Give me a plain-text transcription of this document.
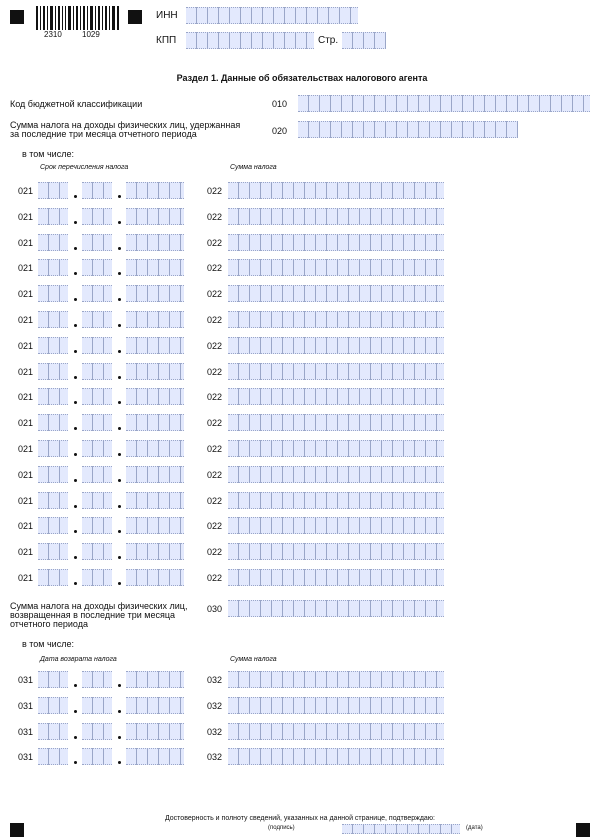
2310	1029
ИНН
КПП	Стр.
Раздел 1. Данные об обязательствах налогового агента
Код бюджетной классификации	010
Сумма налога на доходы физических лиц, удержанная
за последние три месяца отчетного периода	020
в том числе:
Срок перечисления налога	Сумма налога
021	022
021	022
021	022
021	022
021	022
021	022
021	022
021	022
021	022
021	022
021	022
021	022
021	022
021	022
021	022
021	022
Сумма налога на доходы физических лиц,
возвращенная в последние три месяца
отчетного периода
030
в том числе:
Дата возврата налога	Сумма налога
031	032
031	032
031	032
031	032
Достоверность и полноту сведений, указанных на данной странице, подтверждаю:
(подпись)	(дата)
